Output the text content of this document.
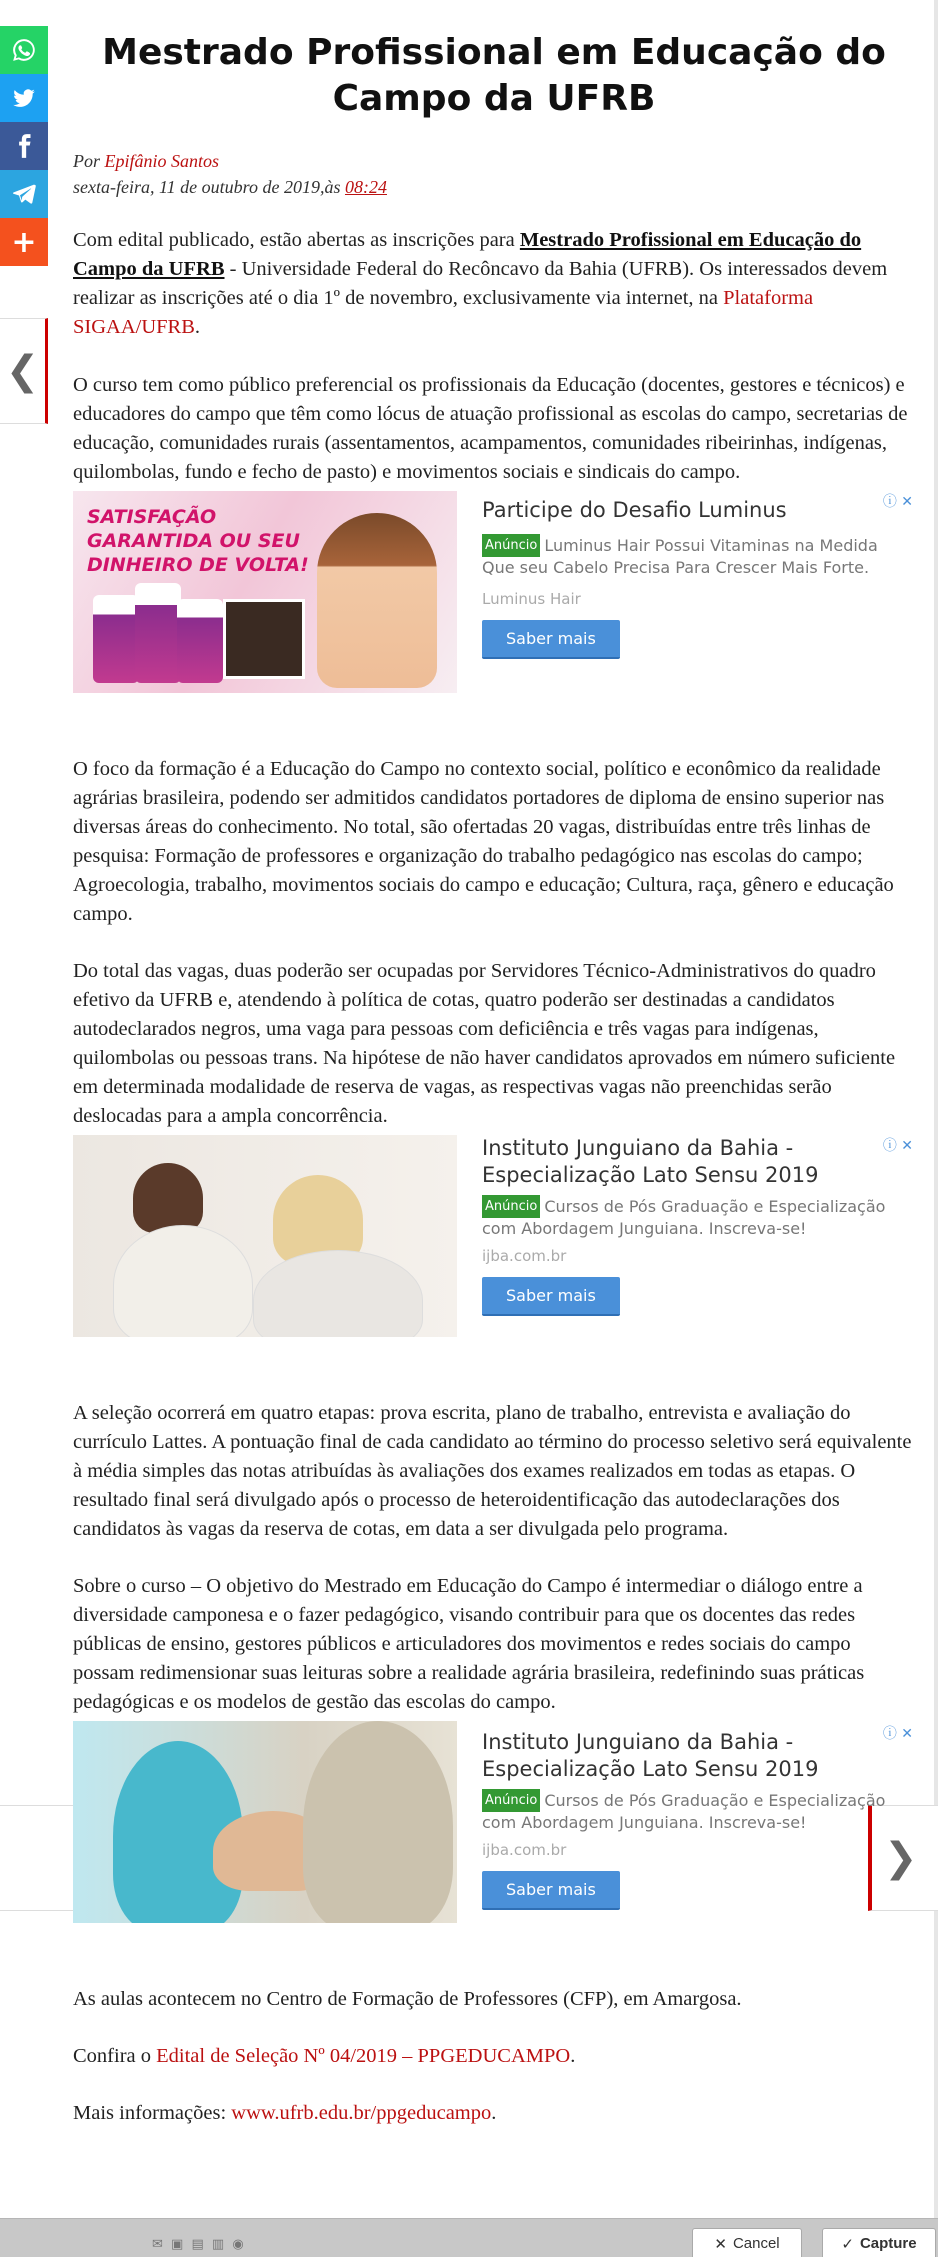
+
❮
❯
Mestrado Profissional em Educação do Campo da UFRB
Por Epifânio Santos
sexta-feira, 11 de outubro de 2019,às 08:24

Com edital publicado, estão abertas as inscrições para Mestrado Profissional em Educação do Campo da UFRB - Universidade Federal do Recôncavo da Bahia (UFRB). Os interessados devem realizar as inscrições até o dia 1º de novembro, exclusivamente via internet, na Plataforma SIGAA/UFRB.

O curso tem como público preferencial os profissionais da Educação (docentes, gestores e técnicos) e educadores do campo que têm como lócus de atuação profissional as escolas do campo, secretarias de educação, comunidades rurais (assentamentos, acampamentos, comunidades ribeirinhas, indígenas, quilombolas, fundo e fecho de pasto) e movimentos sociais e sindicais do campo.

SATISFAÇÃO GARANTIDA OU SEU DINHEIRO DE VOLTA!
ⓘ ✕
Participe do Desafio Luminus
Anúncio Luminus Hair Possui Vitaminas na Medida Que seu Cabelo Precisa Para Crescer Mais Forte.
Luminus Hair
Saber mais

O foco da formação é a Educação do Campo no contexto social, político e econômico da realidade agrárias brasileira, podendo ser admitidos candidatos portadores de diploma de ensino superior nas diversas áreas do conhecimento. No total, são ofertadas 20 vagas, distribuídas entre três linhas de pesquisa: Formação de professores e organização do trabalho pedagógico nas escolas do campo; Agroecologia, trabalho, movimentos sociais do campo e educação; Cultura, raça, gênero e educação campo.

Do total das vagas, duas poderão ser ocupadas por Servidores Técnico-Administrativos do quadro efetivo da UFRB e, atendendo à política de cotas, quatro poderão ser destinadas a candidatos autodeclarados negros, uma vaga para pessoas com deficiência e três vagas para indígenas, quilombolas ou pessoas trans. Na hipótese de não haver candidatos aprovados em número suficiente em determinada modalidade de reserva de vagas, as respectivas vagas não preenchidas serão deslocadas para a ampla concorrência.

ⓘ ✕
Instituto Junguiano da Bahia - Especialização Lato Sensu 2019
Anúncio Cursos de Pós Graduação e Especialização com Abordagem Junguiana. Inscreva-se!
ijba.com.br
Saber mais

A seleção ocorrerá em quatro etapas: prova escrita, plano de trabalho, entrevista e avaliação do currículo Lattes. A pontuação final de cada candidato ao término do processo seletivo será equivalente à média simples das notas atribuídas às avaliações dos exames realizados em todas as etapas. O resultado final será divulgado após o processo de heteroidentificação das autodeclarações dos candidatos às vagas da reserva de cotas, em data a ser divulgada pelo programa.

Sobre o curso – O objetivo do Mestrado em Educação do Campo é intermediar o diálogo entre a diversidade camponesa e o fazer pedagógico, visando contribuir para que os docentes das redes públicas de ensino, gestores públicos e articuladores dos movimentos e redes sociais do campo possam redimensionar suas leituras sobre a realidade agrária brasileira, redefinindo suas práticas pedagógicas e os modelos de gestão das escolas do campo.

ⓘ ✕
Instituto Junguiano da Bahia - Especialização Lato Sensu 2019
Anúncio Cursos de Pós Graduação e Especialização com Abordagem Junguiana. Inscreva-se!
ijba.com.br
Saber mais

As aulas acontecem no Centro de Formação de Professores (CFP), em Amargosa.

Confira o Edital de Seleção Nº 04/2019 – PPGEDUCAMPO.

Mais informações: www.ufrb.edu.br/ppgeducampo.

✉ ▣ ▤ ▥ ◉	✕ Cancel	✓ Capture
